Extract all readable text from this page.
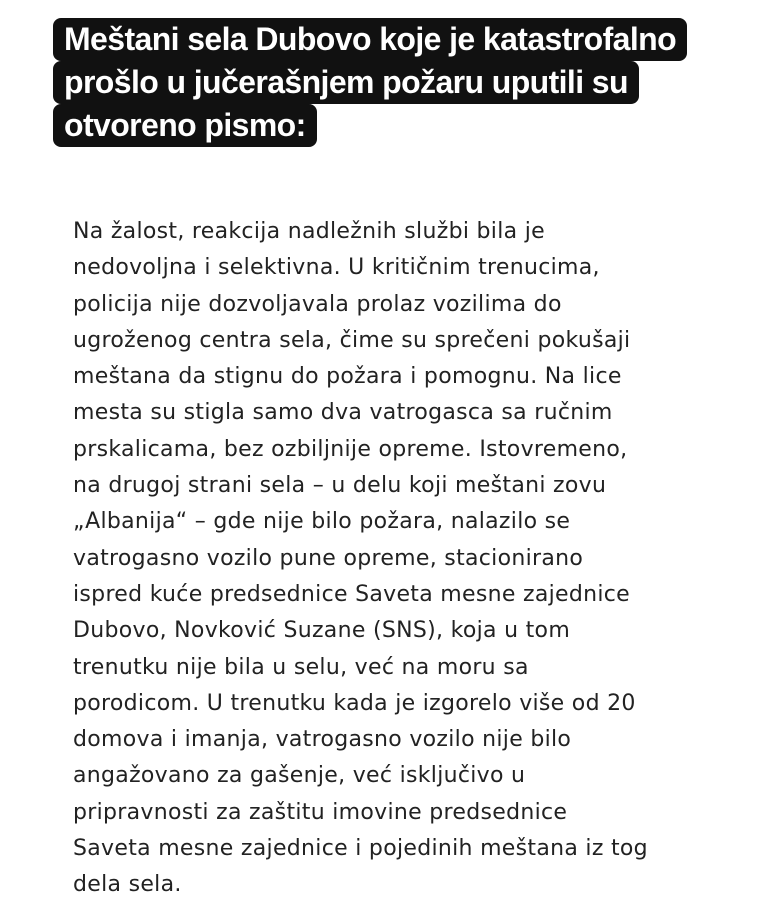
Meštani sela Dubovo koje je katastrofalno
prošlo u jučerašnjem požaru uputili su
otvoreno pismo:
Na žalost, reakcija nadležnih službi bila je
nedovoljna i selektivna. U kritičnim trenucima,
policija nije dozvoljavala prolaz vozilima do
ugroženog centra sela, čime su sprečeni pokušaji
meštana da stignu do požara i pomognu. Na lice
mesta su stigla samo dva vatrogasca sa ručnim
prskalicama, bez ozbiljnije opreme. Istovremeno,
na drugoj strani sela – u delu koji meštani zovu
„Albanija“ – gde nije bilo požara, nalazilo se
vatrogasno vozilo pune opreme, stacionirano
ispred kuće predsednice Saveta mesne zajednice
Dubovo, Novković Suzane (SNS), koja u tom
trenutku nije bila u selu, već na moru sa
porodicom. U trenutku kada je izgorelo više od 20
domova i imanja, vatrogasno vozilo nije bilo
angažovano za gašenje, već isključivo u
pripravnosti za zaštitu imovine predsednice
Saveta mesne zajednice i pojedinih meštana iz tog
dela sela.
